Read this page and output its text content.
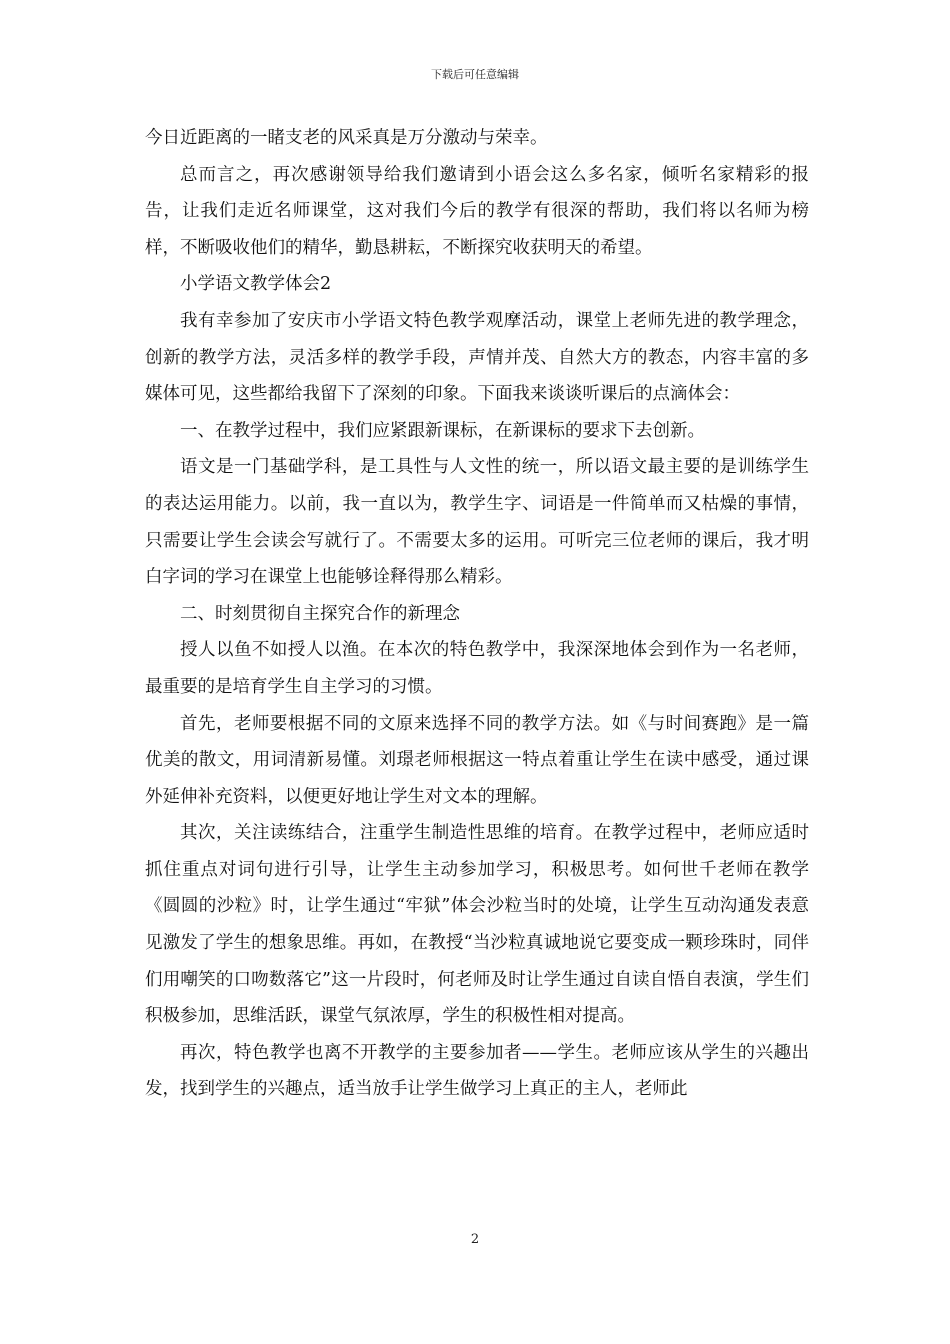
下载后可任意编辑

今日近距离的一睹支老的风采真是万分激动与荣幸。

总而言之，再次感谢领导给我们邀请到小语会这么多名家，倾听名家精彩的报告，让我们走近名师课堂，这对我们今后的教学有很深的帮助，我们将以名师为榜样，不断吸收他们的精华，勤恳耕耘，不断探究收获明天的希望。

小学语文教学体会2

我有幸参加了安庆市小学语文特色教学观摩活动，课堂上老师先进的教学理念，创新的教学方法，灵活多样的教学手段，声情并茂、自然大方的教态，内容丰富的多媒体可见，这些都给我留下了深刻的印象。下面我来谈谈听课后的点滴体会：

一、在教学过程中，我们应紧跟新课标，在新课标的要求下去创新。

语文是一门基础学科，是工具性与人文性的统一，所以语文最主要的是训练学生的表达运用能力。以前，我一直以为，教学生字、词语是一件简单而又枯燥的事情，只需要让学生会读会写就行了。不需要太多的运用。可听完三位老师的课后，我才明白字词的学习在课堂上也能够诠释得那么精彩。

二、时刻贯彻自主探究合作的新理念

授人以鱼不如授人以渔。在本次的特色教学中，我深深地体会到作为一名老师，最重要的是培育学生自主学习的习惯。

首先，老师要根据不同的文原来选择不同的教学方法。如《与时间赛跑》是一篇优美的散文，用词清新易懂。刘璟老师根据这一特点着重让学生在读中感受，通过课外延伸补充资料，以便更好地让学生对文本的理解。

其次，关注读练结合，注重学生制造性思维的培育。在教学过程中，老师应适时抓住重点对词句进行引导，让学生主动参加学习，积极思考。如何世千老师在教学《圆圆的沙粒》时，让学生通过“牢狱”体会沙粒当时的处境，让学生互动沟通发表意见激发了学生的想象思维。再如，在教授“当沙粒真诚地说它要变成一颗珍珠时，同伴们用嘲笑的口吻数落它”这一片段时，何老师及时让学生通过自读自悟自表演，学生们积极参加，思维活跃，课堂气氛浓厚，学生的积极性相对提高。

再次，特色教学也离不开教学的主要参加者——学生。老师应该从学生的兴趣出发，找到学生的兴趣点，适当放手让学生做学习上真正的主人，老师此

2
